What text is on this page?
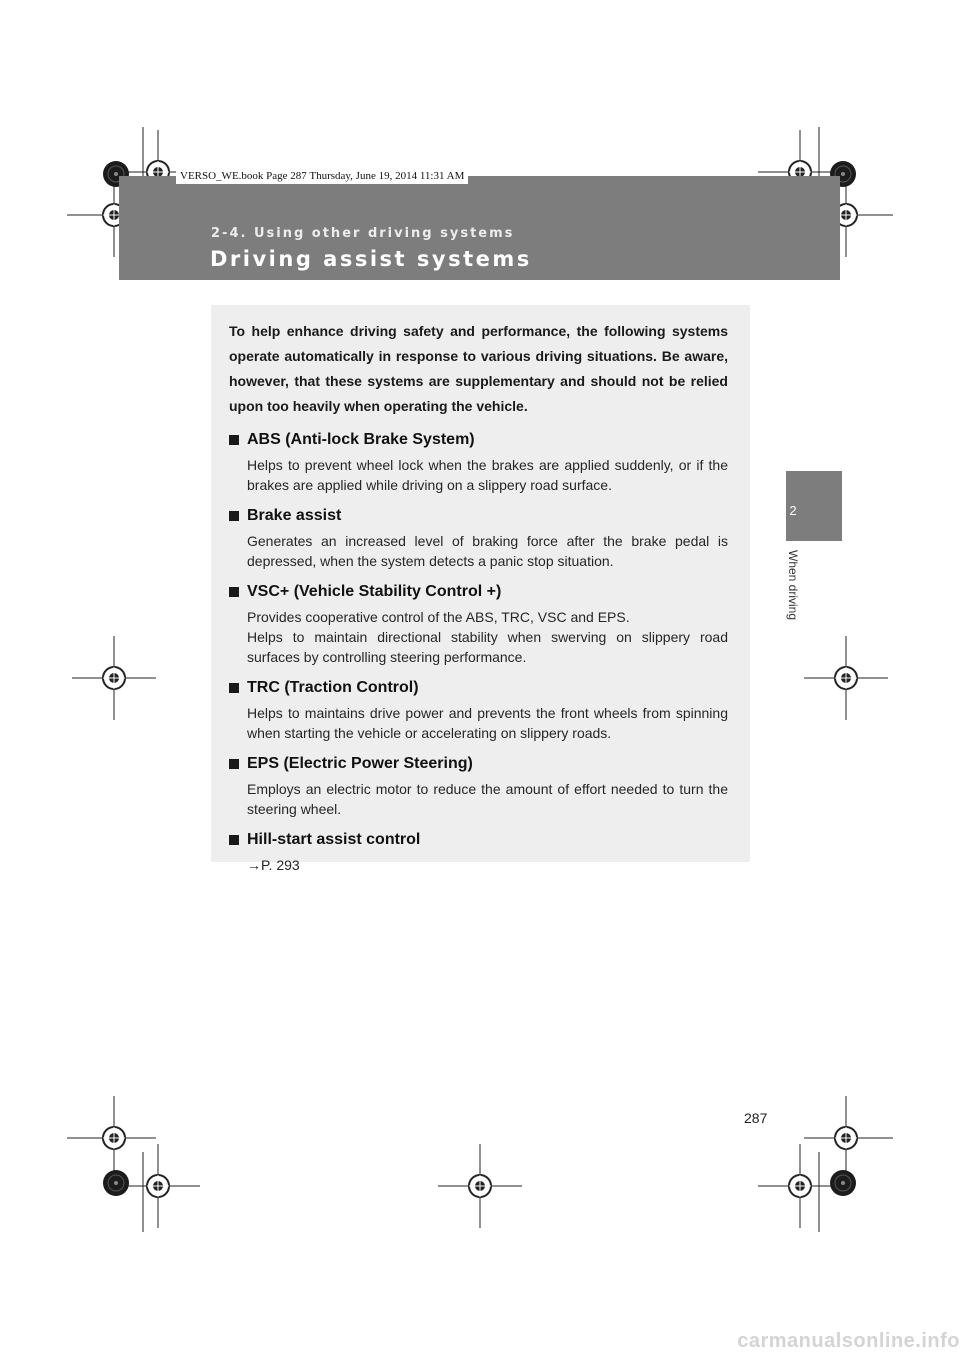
VERSO_WE.book Page 287 Thursday, June 19, 2014 11:31 AM
2-4. Using other driving systems
Driving assist systems
2
When driving

To help enhance driving safety and performance, the following systems operate automatically in response to various driving situations. Be aware, however, that these systems are supplementary and should not be relied upon too heavily when operating the vehicle.

ABS (Anti-lock Brake System)
Helps to prevent wheel lock when the brakes are applied suddenly, or if the brakes are applied while driving on a slippery road surface.
Brake assist
Generates an increased level of braking force after the brake pedal is depressed, when the system detects a panic stop situation.
VSC+ (Vehicle Stability Control +)
Provides cooperative control of the ABS, TRC, VSC and EPS.
Helps to maintain directional stability when swerving on slippery road surfaces by controlling steering performance.
TRC (Traction Control)
Helps to maintains drive power and prevents the front wheels from spinning when starting the vehicle or accelerating on slippery roads.
EPS (Electric Power Steering)
Employs an electric motor to reduce the amount of effort needed to turn the steering wheel.
Hill-start assist control
→P. 293
287
carmanualsonline.info
